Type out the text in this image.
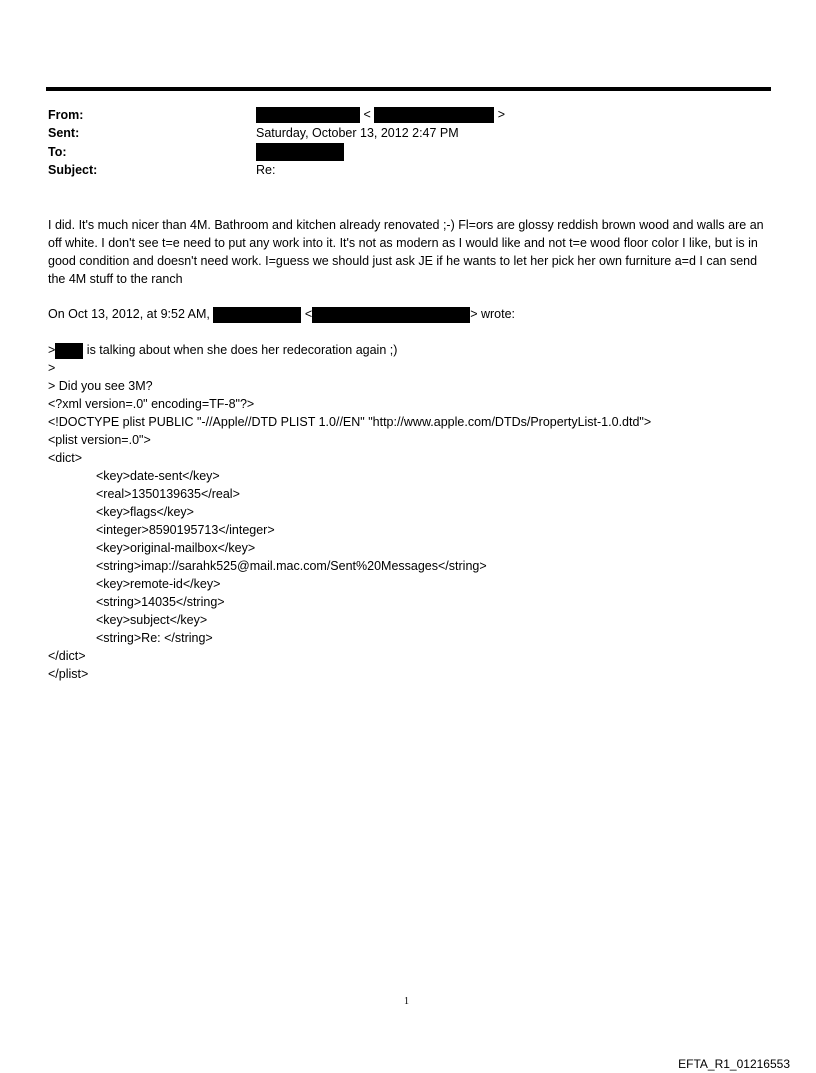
From:	<	>
Sent:	Saturday, October 13, 2012 2:47 PM
To:
Subject:	Re:
I did. It's much nicer than 4M. Bathroom and kitchen already renovated ;-) Fl=ors are glossy reddish brown wood and walls are an off white. I don't see t=e need to put any work into it. It's not as modern as I would like and not t=e wood floor color I like, but is in good condition and doesn't need work. I=guess we should just ask JE if he wants to let her pick her own furniture a=d I can send the 4M stuff to the ranch
On Oct 13, 2012, at 9:52 AM,	<	> wrote:
> is talking about when she does her redecoration again ;)
>
> Did you see 3M?
<?xml version=.0" encoding=TF-8"?>
<!DOCTYPE plist PUBLIC "-//Apple//DTD PLIST 1.0//EN" "http://www.apple.com/DTDs/PropertyList-1.0.dtd">
<plist version=.0">
<dict>
<key>date-sent</key>
<real>1350139635</real>
<key>flags</key>
<integer>8590195713</integer>
<key>original-mailbox</key>
<string>imap://sarahk525@mail.mac.com/Sent%20Messages</string>
<key>remote-id</key>
<string>14035</string>
<key>subject</key>
<string>Re: </string>
</dict>
</plist>
1
EFTA_R1_01216553
